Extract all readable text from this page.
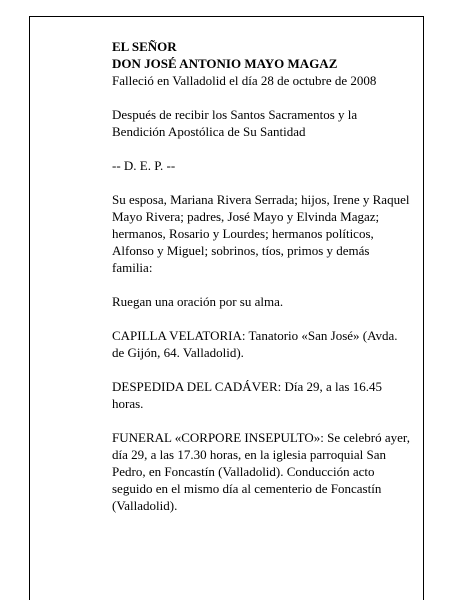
EL SEÑOR
DON JOSÉ ANTONIO MAYO MAGAZ
Falleció en Valladolid el día 28 de octubre de 2008

Después de recibir los Santos Sacramentos y la Bendición Apostólica de Su Santidad

-- D. E. P. --

Su esposa, Mariana Rivera Serrada; hijos, Irene y Raquel Mayo Rivera; padres, José Mayo y Elvinda Magaz; hermanos, Rosario y Lourdes; hermanos políticos, Alfonso y Miguel; sobrinos, tíos, primos y demás familia:

Ruegan una oración por su alma.

CAPILLA VELATORIA: Tanatorio «San José» (Avda. de Gijón, 64. Valladolid).

DESPEDIDA DEL CADÁVER: Día 29, a las 16.45 horas.

FUNERAL «CORPORE INSEPULTO»: Se celebró ayer, día 29, a las 17.30 horas, en la iglesia parroquial San Pedro, en Foncastín (Valladolid). Conducción acto seguido en el mismo día al cementerio de Foncastín (Valladolid).
